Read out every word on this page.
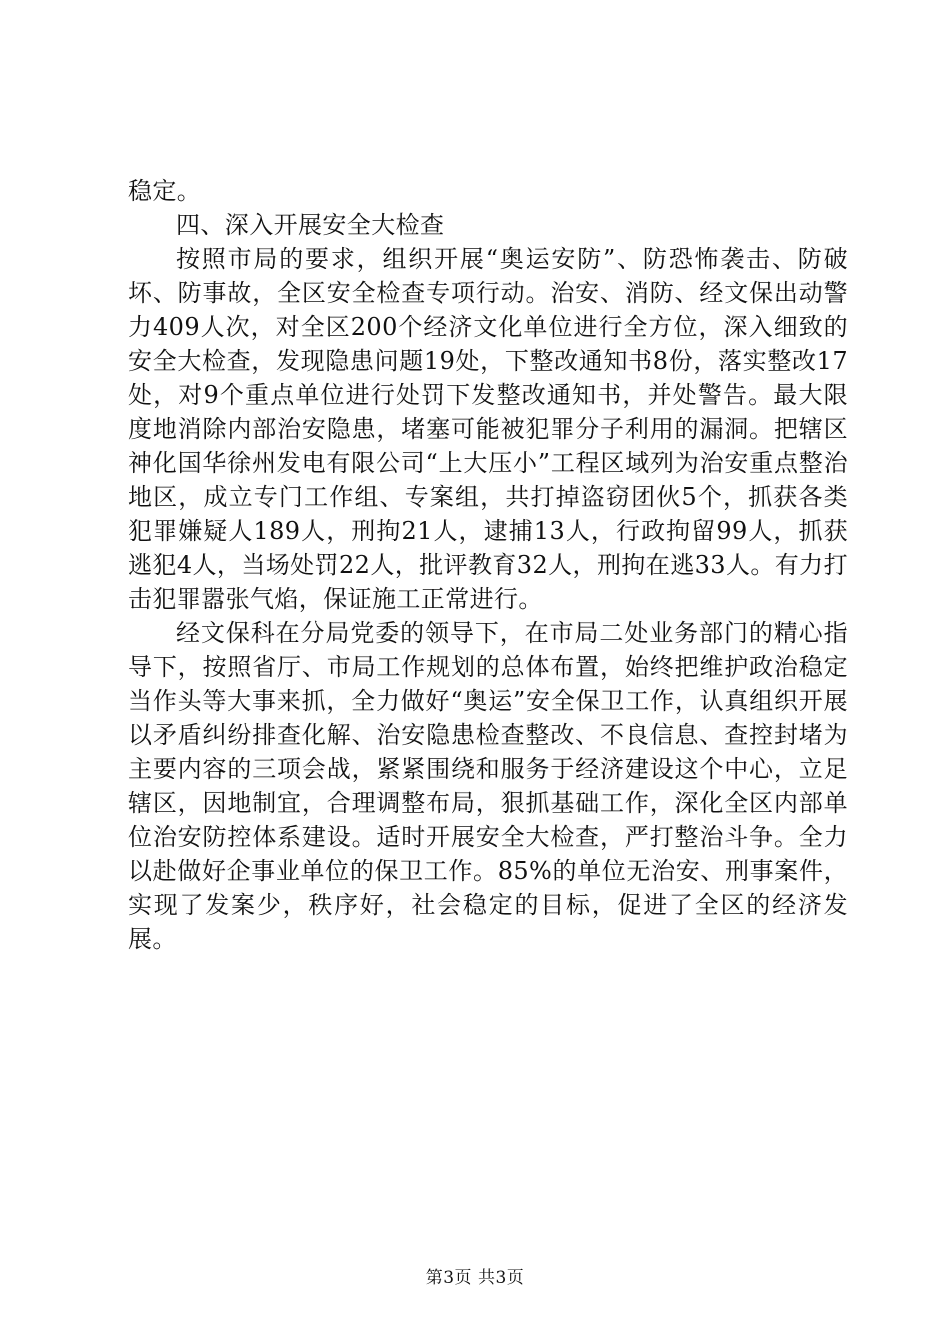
稳定。

四、深入开展安全大检查

按照市局的要求，组织开展“奥运安防”、防恐怖袭击、防破坏、防事故，全区安全检查专项行动。治安、消防、经文保出动警力409人次，对全区200个经济文化单位进行全方位，深入细致的安全大检查，发现隐患问题19处，下整改通知书8份，落实整改17处，对9个重点单位进行处罚下发整改通知书，并处警告。最大限度地消除内部治安隐患，堵塞可能被犯罪分子利用的漏洞。把辖区神化国华徐州发电有限公司“上大压小”工程区域列为治安重点整治地区，成立专门工作组、专案组，共打掉盗窃团伙5个，抓获各类犯罪嫌疑人189人，刑拘21人，逮捕13人，行政拘留99人，抓获逃犯4人，当场处罚22人，批评教育32人，刑拘在逃33人。有力打击犯罪嚣张气焰，保证施工正常进行。

经文保科在分局党委的领导下，在市局二处业务部门的精心指导下，按照省厅、市局工作规划的总体布置，始终把维护政治稳定当作头等大事来抓，全力做好“奥运”安全保卫工作，认真组织开展以矛盾纠纷排查化解、治安隐患检查整改、不良信息、查控封堵为主要内容的三项会战，紧紧围绕和服务于经济建设这个中心，立足辖区，因地制宜，合理调整布局，狠抓基础工作，深化全区内部单位治安防控体系建设。适时开展安全大检查，严打整治斗争。全力以赴做好企事业单位的保卫工作。85%的单位无治安、刑事案件，实现了发案少，秩序好，社会稳定的目标，促进了全区的经济发展。

第3页 共3页
